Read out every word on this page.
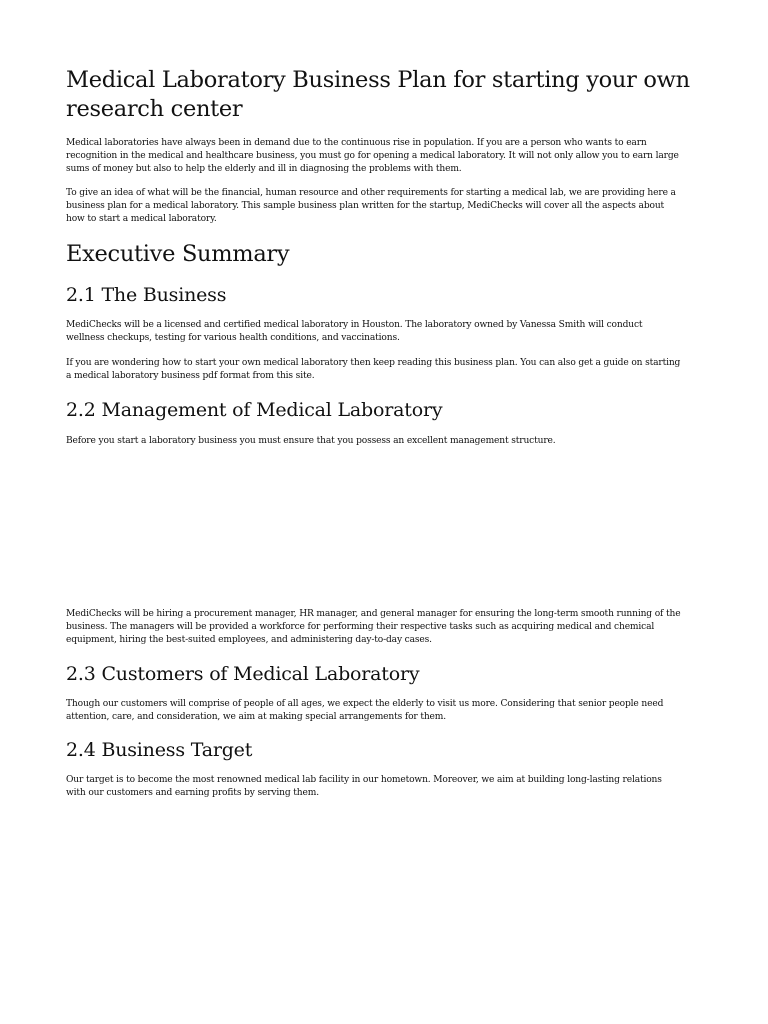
Medical Laboratory Business Plan for starting your own
research center
Medical laboratories have always been in demand due to the continuous rise in population. If you are a person who wants to earn
recognition in the medical and healthcare business, you must go for opening a medical laboratory. It will not only allow you to earn large
sums of money but also to help the elderly and ill in diagnosing the problems with them.
To give an idea of what will be the financial, human resource and other requirements for starting a medical lab, we are providing here a
business plan for a medical laboratory. This sample business plan written for the startup, MediChecks will cover all the aspects about
how to start a medical laboratory.
Executive Summary
2.1 The Business
MediChecks will be a licensed and certified medical laboratory in Houston. The laboratory owned by Vanessa Smith will conduct
wellness checkups, testing for various health conditions, and vaccinations.
If you are wondering how to start your own medical laboratory then keep reading this business plan. You can also get a guide on starting
a medical laboratory business pdf format from this site.
2.2 Management of Medical Laboratory
Before you start a laboratory business you must ensure that you possess an excellent management structure.
MediChecks will be hiring a procurement manager, HR manager, and general manager for ensuring the long-term smooth running of the
business. The managers will be provided a workforce for performing their respective tasks such as acquiring medical and chemical
equipment, hiring the best-suited employees, and administering day-to-day cases.
2.3 Customers of Medical Laboratory
Though our customers will comprise of people of all ages, we expect the elderly to visit us more. Considering that senior people need
attention, care, and consideration, we aim at making special arrangements for them.
2.4 Business Target
Our target is to become the most renowned medical lab facility in our hometown. Moreover, we aim at building long-lasting relations
with our customers and earning profits by serving them.
